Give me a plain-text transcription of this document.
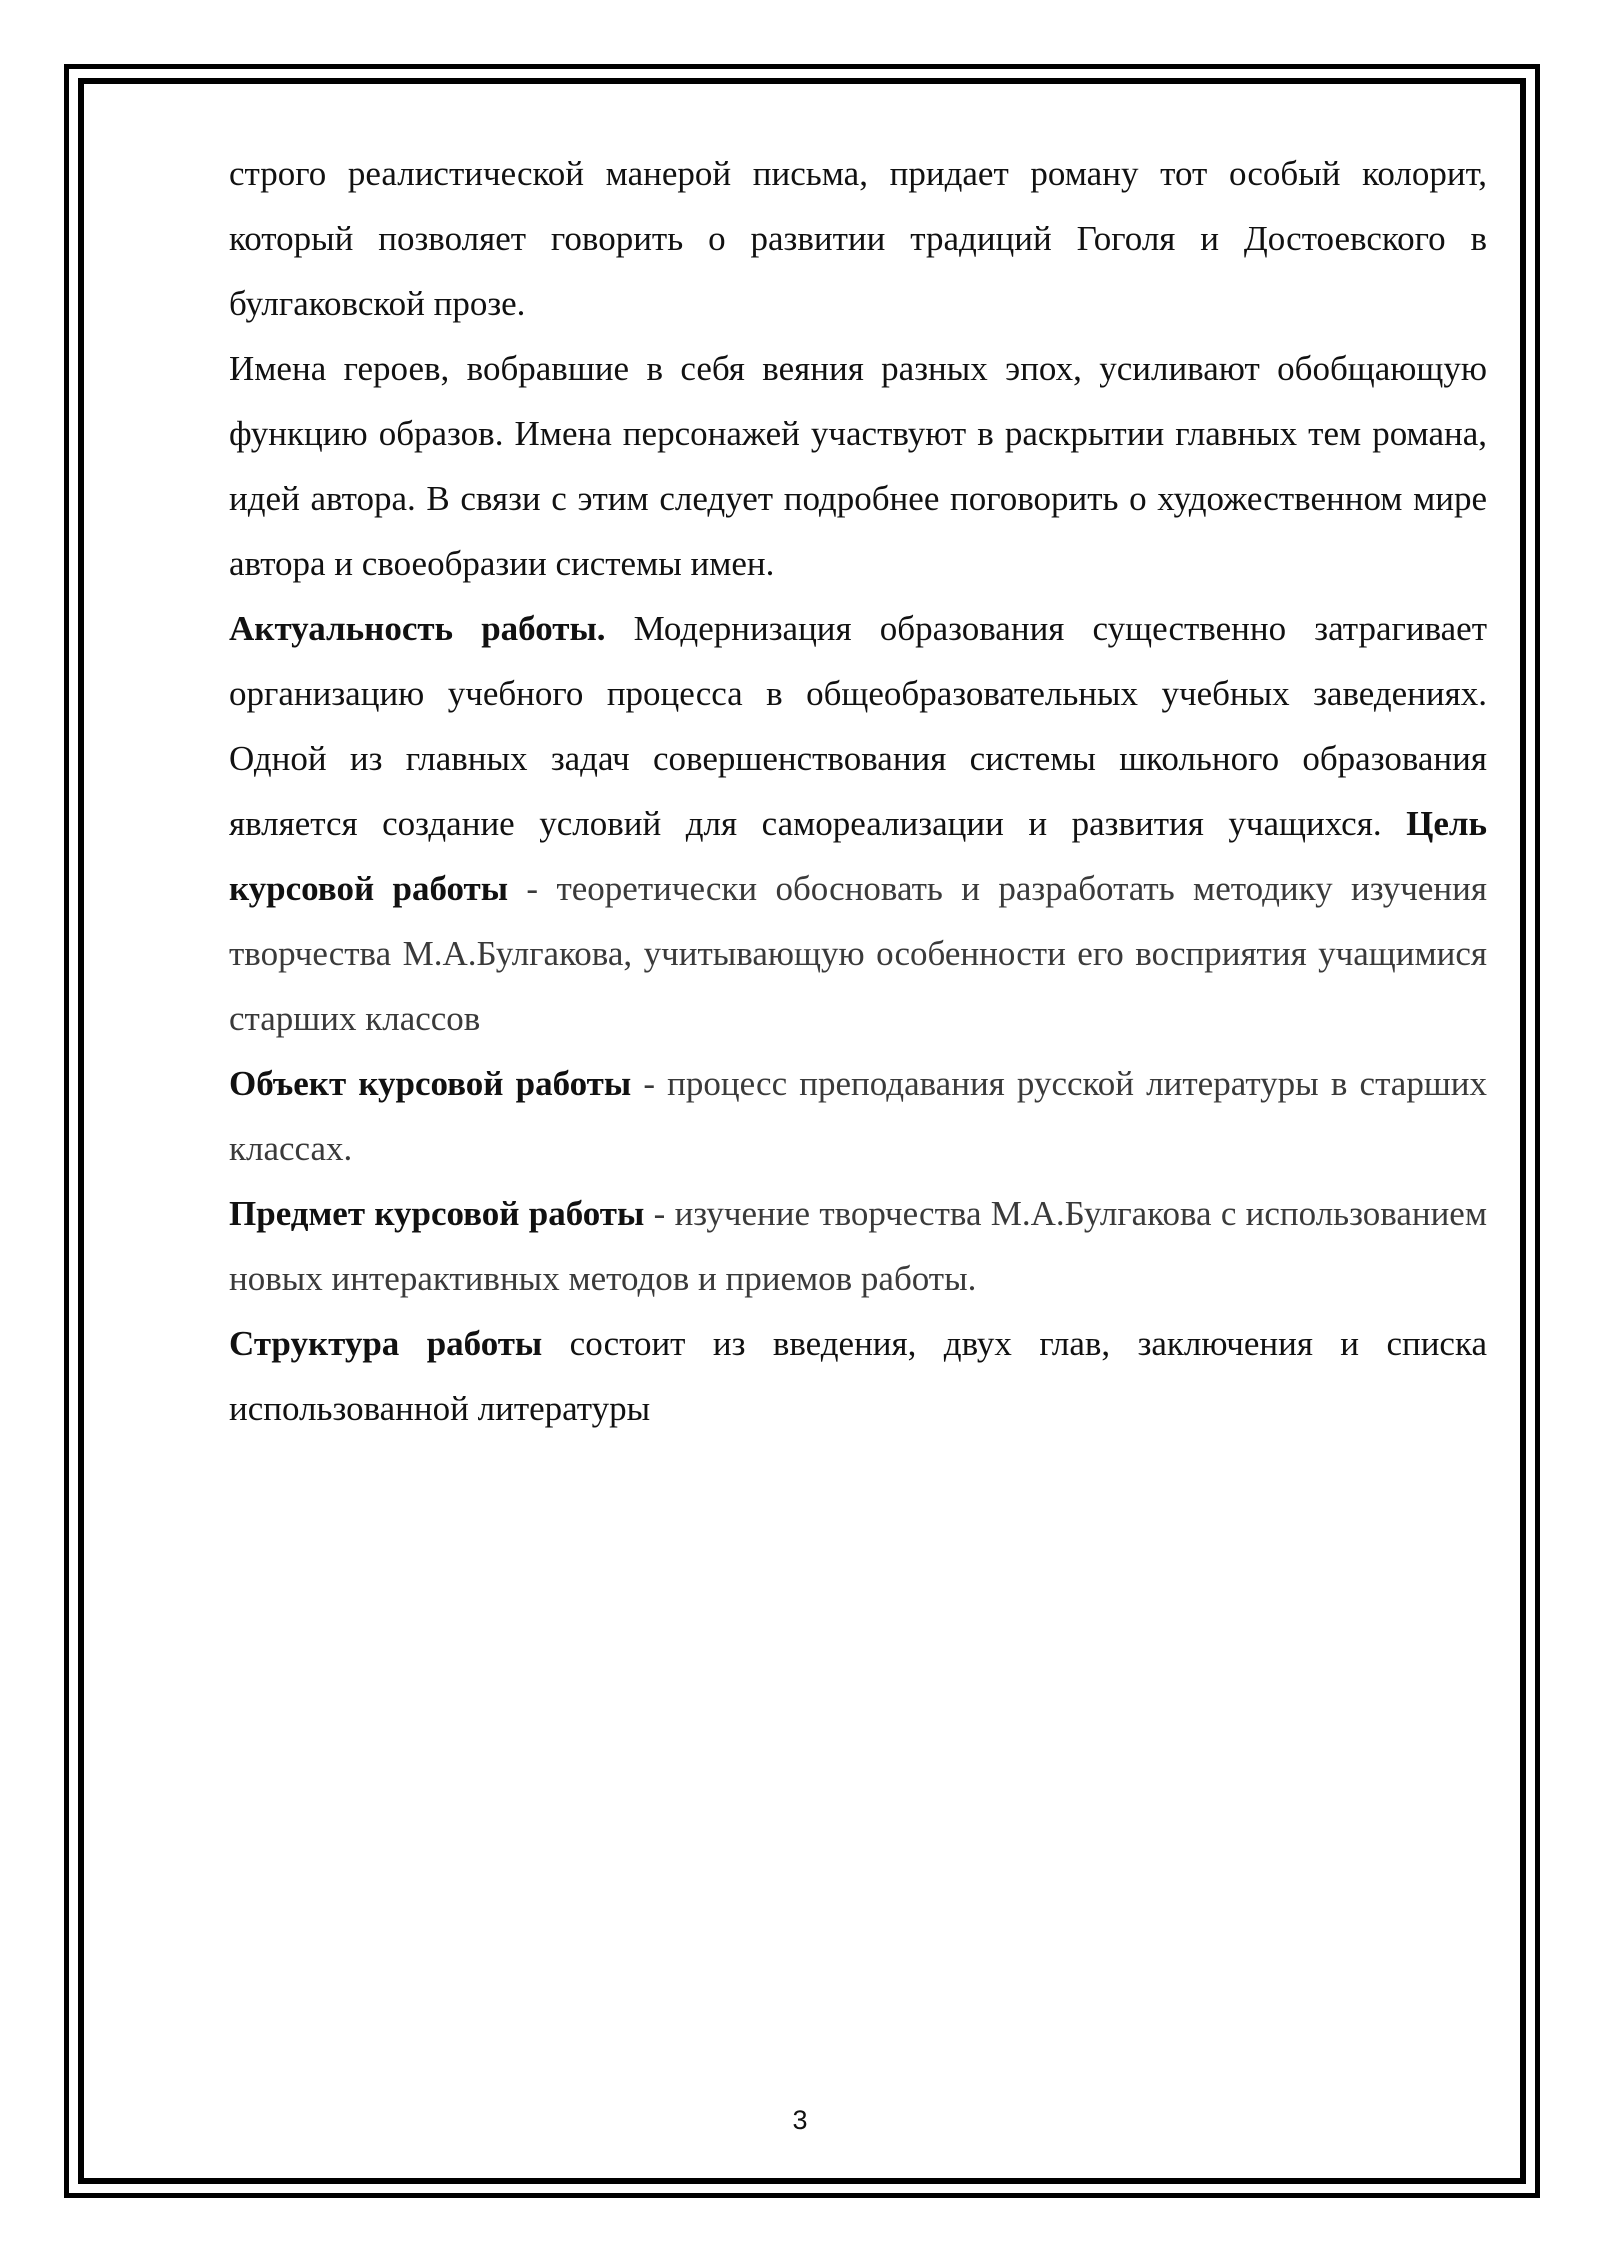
строго реалистической манерой письма, придает роману тот особый колорит, который позволяет говорить о развитии традиций Гоголя и Достоевского в булгаковской прозе.

Имена героев, вобравшие в себя веяния разных эпох, усиливают обобщающую функцию образов. Имена персонажей участвуют в раскрытии главных тем романа, идей автора. В связи с этим следует подробнее поговорить о художественном мире автора и своеобразии системы имен.

Актуальность работы. Модернизация образования существенно затрагивает организацию учебного процесса в общеобразовательных учебных заведениях. Одной из главных задач совершенствования системы школьного образования является создание условий для самореализации и развития учащихся. Цель курсовой работы - теоретически обосновать и разработать методику изучения творчества М.А.Булгакова, учитывающую особенности его восприятия учащимися старших классов

Объект курсовой работы - процесс преподавания русской литературы в старших классах.

Предмет курсовой работы - изучение творчества М.А.Булгакова с использованием новых интерактивных методов и приемов работы.

Структура работы состоит из введения, двух глав, заключения и списка использованной литературы

3
